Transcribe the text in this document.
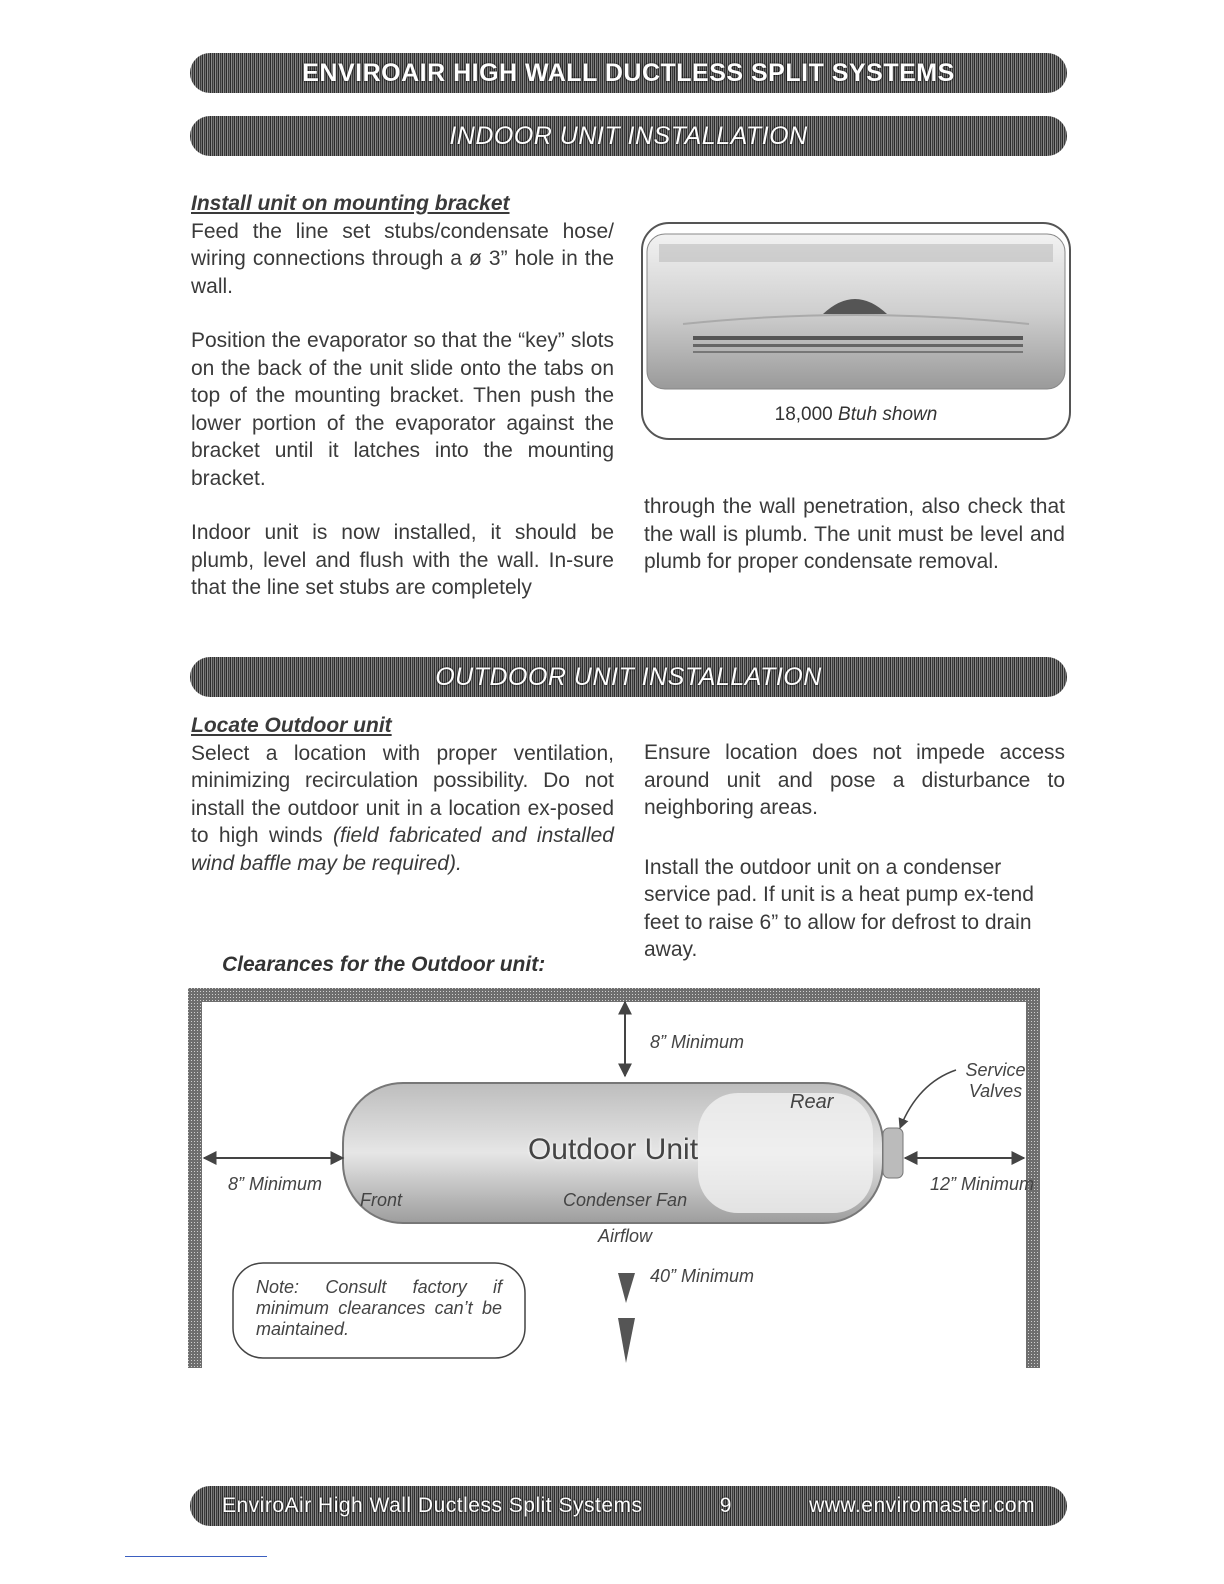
ENVIROAIR HIGH WALL DUCTLESS SPLIT SYSTEMS
INDOOR UNIT INSTALLATION

Install unit on mounting bracket

Feed the line set stubs/condensate hose/ wiring connections through a ø 3” hole in the wall.

Position the evaporator so that the “key” slots on the back of the unit slide onto the tabs on top of the mounting bracket. Then push the lower portion of the evaporator against the bracket until it latches into the mounting bracket.

Indoor unit is now installed, it should be plumb, level and flush with the wall. In-sure that the line set stubs are completely

18,000 Btuh shown

through the wall penetration, also check that the wall is plumb. The unit must be level and plumb for proper condensate removal.

OUTDOOR UNIT INSTALLATION

Locate Outdoor unit

Select a location with proper ventilation, minimizing recirculation possibility. Do not install the outdoor unit in a location ex-posed to high winds (field fabricated and installed wind baffle may be required).

Ensure location does not impede access around unit and pose a disturbance to neighboring areas.

Install the outdoor unit on a condenser service pad. If unit is a heat pump ex-tend feet to raise 6” to allow for defrost to drain away.

Clearances for the Outdoor unit:
8” Minimum
8” Minimum	12” Minimum
40” Minimum
Service Valves
Outdoor Unit
Rear
Front	Condenser Fan
Airflow
Note: Consult factory if minimum clearances can’t be maintained.
EnviroAir High Wall Ductless Split Systems	9	www.enviromaster.com
